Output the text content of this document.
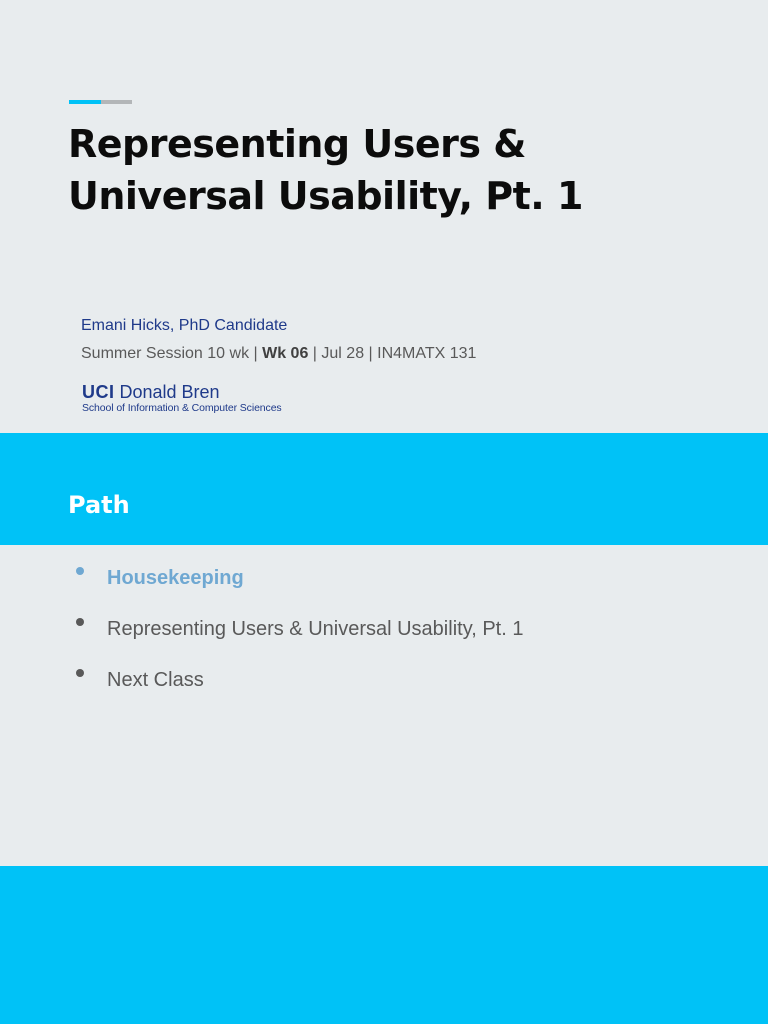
Representing Users &
Universal Usability, Pt. 1
Emani Hicks, PhD Candidate
Summer Session 10 wk | Wk 06 | Jul 28 | IN4MATX 131
UCI Donald Bren
School of Information & Computer Sciences
Path
Housekeeping
Representing Users & Universal Usability, Pt. 1
Next Class
